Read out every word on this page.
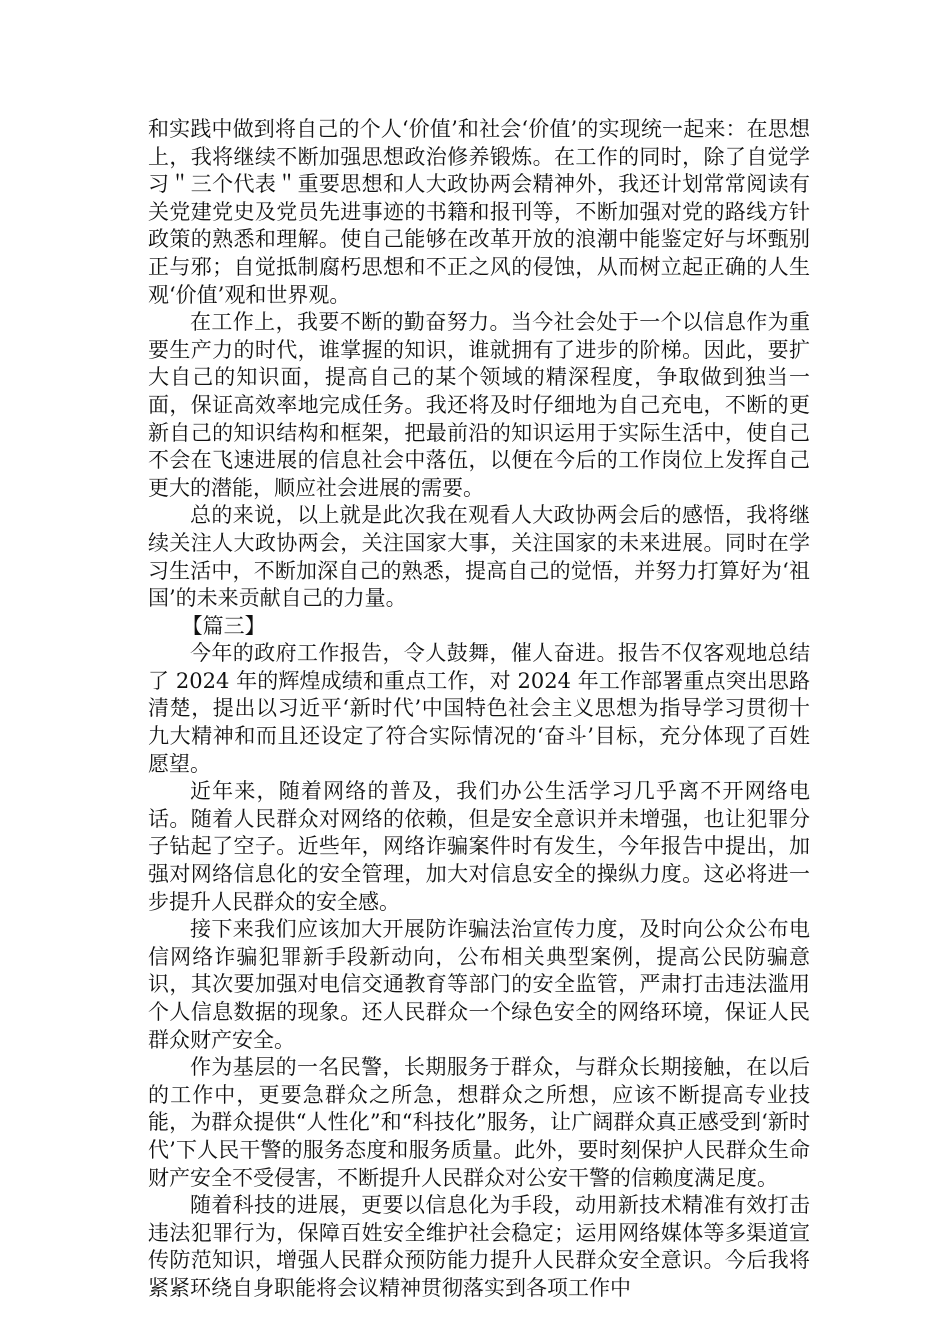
和实践中做到将自己的个人‘价值’和社会‘价值’的实现统一起来：在思想上，我将继续不断加强思想政治修养锻炼。在工作的同时，除了自觉学习＂三个代表＂重要思想和人大政协两会精神外，我还计划常常阅读有关党建党史及党员先进事迹的书籍和报刊等，不断加强对党的路线方针政策的熟悉和理解。使自己能够在改革开放的浪潮中能鉴定好与坏甄别正与邪；自觉抵制腐朽思想和不正之风的侵蚀，从而树立起正确的人生观‘价值’观和世界观。

在工作上，我要不断的勤奋努力。当今社会处于一个以信息作为重要生产力的时代，谁掌握的知识，谁就拥有了进步的阶梯。因此，要扩大自己的知识面，提高自己的某个领域的精深程度，争取做到独当一面，保证高效率地完成任务。我还将及时仔细地为自己充电，不断的更新自己的知识结构和框架，把最前沿的知识运用于实际生活中，使自己不会在飞速进展的信息社会中落伍，以便在今后的工作岗位上发挥自己更大的潜能，顺应社会进展的需要。

总的来说，以上就是此次我在观看人大政协两会后的感悟，我将继续关注人大政协两会，关注国家大事，关注国家的未来进展。同时在学习生活中，不断加深自己的熟悉，提高自己的觉悟，并努力打算好为‘祖国’的未来贡献自己的力量。

【篇三】

今年的政府工作报告，令人鼓舞，催人奋进。报告不仅客观地总结了 2024 年的辉煌成绩和重点工作，对 2024 年工作部署重点突出思路清楚，提出以习近平‘新时代’中国特色社会主义思想为指导学习贯彻十九大精神和而且还设定了符合实际情况的‘奋斗’目标，充分体现了百姓愿望。

近年来，随着网络的普及，我们办公生活学习几乎离不开网络电话。随着人民群众对网络的依赖，但是安全意识并未增强，也让犯罪分子钻起了空子。近些年，网络诈骗案件时有发生，今年报告中提出，加强对网络信息化的安全管理，加大对信息安全的操纵力度。这必将进一步提升人民群众的安全感。

接下来我们应该加大开展防诈骗法治宣传力度，及时向公众公布电信网络诈骗犯罪新手段新动向，公布相关典型案例，提高公民防骗意识，其次要加强对电信交通教育等部门的安全监管，严肃打击违法滥用个人信息数据的现象。还人民群众一个绿色安全的网络环境，保证人民群众财产安全。

作为基层的一名民警，长期服务于群众，与群众长期接触，在以后的工作中，更要急群众之所急，想群众之所想，应该不断提高专业技能，为群众提供“人性化”和“科技化”服务，让广阔群众真正感受到‘新时代’下人民干警的服务态度和服务质量。此外，要时刻保护人民群众生命财产安全不受侵害，不断提升人民群众对公安干警的信赖度满足度。

随着科技的进展，更要以信息化为手段，动用新技术精准有效打击违法犯罪行为，保障百姓安全维护社会稳定；运用网络媒体等多渠道宣传防范知识，增强人民群众预防能力提升人民群众安全意识。今后我将紧紧环绕自身职能将会议精神贯彻落实到各项工作中
